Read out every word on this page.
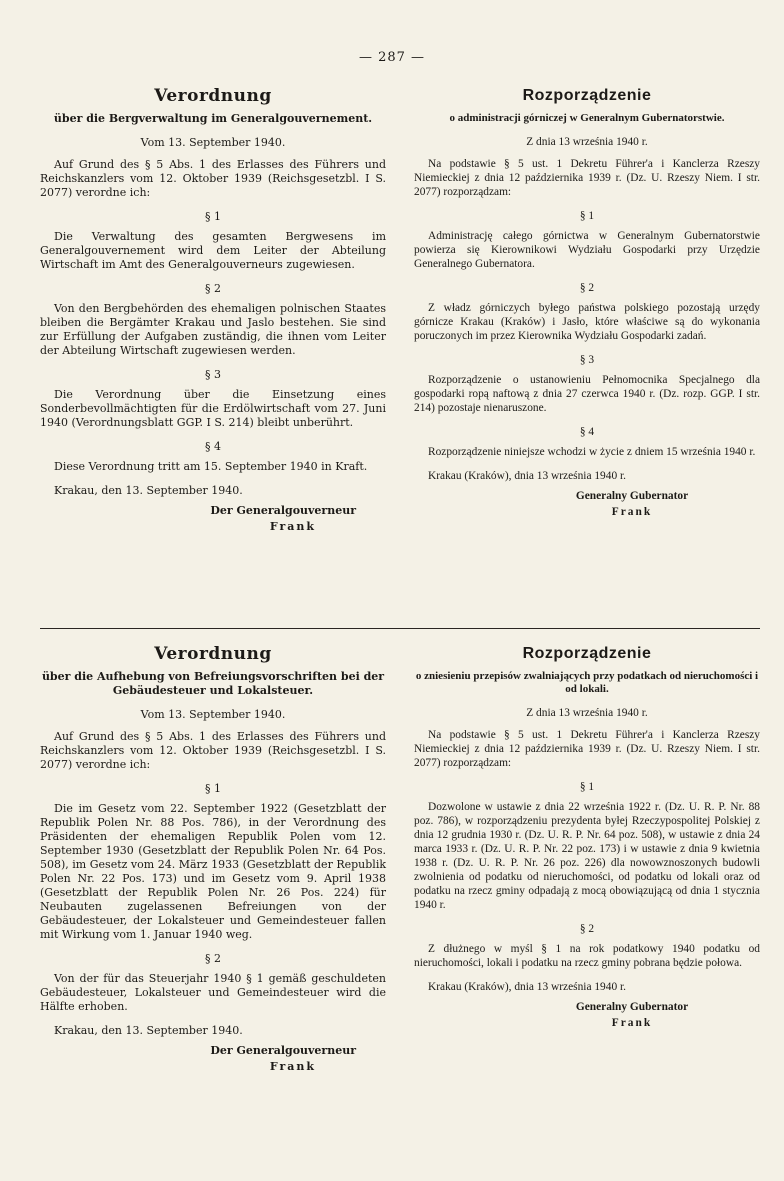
— 287 —

Verordnung

über die Bergverwaltung im Generalgouvernement.

Vom 13. September 1940.

Auf Grund des § 5 Abs. 1 des Erlasses des Führers und Reichskanzlers vom 12. Oktober 1939 (Reichsgesetzbl. I S. 2077) verordne ich:

§ 1

Die Verwaltung des gesamten Bergwesens im Generalgouvernement wird dem Leiter der Abteilung Wirtschaft im Amt des Generalgouverneurs zugewiesen.

§ 2

Von den Bergbehörden des ehemaligen polnischen Staates bleiben die Bergämter Krakau und Jaslo bestehen. Sie sind zur Erfüllung der Aufgaben zuständig, die ihnen vom Leiter der Abteilung Wirtschaft zugewiesen werden.

§ 3

Die Verordnung über die Einsetzung eines Sonderbevollmächtigten für die Erdölwirtschaft vom 27. Juni 1940 (Verordnungsblatt GGP. I S. 214) bleibt unberührt.

§ 4

Diese Verordnung tritt am 15. September 1940 in Kraft.

Krakau, den 13. September 1940.

Der Generalgouverneur

Frank

Rozporządzenie

o administracji górniczej w Generalnym Gubernatorstwie.

Z dnia 13 września 1940 r.

Na podstawie § 5 ust. 1 Dekretu Führer'a i Kanclerza Rzeszy Niemieckiej z dnia 12 października 1939 r. (Dz. U. Rzeszy Niem. I str. 2077) rozporządzam:

§ 1

Administrację całego górnictwa w Generalnym Gubernatorstwie powierza się Kierownikowi Wydziału Gospodarki przy Urzędzie Generalnego Gubernatora.

§ 2

Z władz górniczych byłego państwa polskiego pozostają urzędy górnicze Krakau (Kraków) i Jasło, które właściwe są do wykonania poruczonych im przez Kierownika Wydziału Gospodarki zadań.

§ 3

Rozporządzenie o ustanowieniu Pełnomocnika Specjalnego dla gospodarki ropą naftową z dnia 27 czerwca 1940 r. (Dz. rozp. GGP. I str. 214) pozostaje nienaruszone.

§ 4

Rozporządzenie niniejsze wchodzi w życie z dniem 15 września 1940 r.

Krakau (Kraków), dnia 13 września 1940 r.

Generalny Gubernator

Frank

Verordnung

über die Aufhebung von Befreiungsvorschriften bei der Gebäudesteuer und Lokalsteuer.

Vom 13. September 1940.

Auf Grund des § 5 Abs. 1 des Erlasses des Führers und Reichskanzlers vom 12. Oktober 1939 (Reichsgesetzbl. I S. 2077) verordne ich:

§ 1

Die im Gesetz vom 22. September 1922 (Gesetzblatt der Republik Polen Nr. 88 Pos. 786), in der Verordnung des Präsidenten der ehemaligen Republik Polen vom 12. September 1930 (Gesetzblatt der Republik Polen Nr. 64 Pos. 508), im Gesetz vom 24. März 1933 (Gesetzblatt der Republik Polen Nr. 22 Pos. 173) und im Gesetz vom 9. April 1938 (Gesetzblatt der Republik Polen Nr. 26 Pos. 224) für Neubauten zugelassenen Befreiungen von der Gebäudesteuer, der Lokalsteuer und Gemeindesteuer fallen mit Wirkung vom 1. Januar 1940 weg.

§ 2

Von der für das Steuerjahr 1940 § 1 gemäß geschuldeten Gebäudesteuer, Lokalsteuer und Gemeindesteuer wird die Hälfte erhoben.

Krakau, den 13. September 1940.

Der Generalgouverneur

Frank

Rozporządzenie

o zniesieniu przepisów zwalniających przy podatkach od nieruchomości i od lokali.

Z dnia 13 września 1940 r.

Na podstawie § 5 ust. 1 Dekretu Führer'a i Kanclerza Rzeszy Niemieckiej z dnia 12 października 1939 r. (Dz. U. Rzeszy Niem. I str. 2077) rozporządzam:

§ 1

Dozwolone w ustawie z dnia 22 września 1922 r. (Dz. U. R. P. Nr. 88 poz. 786), w rozporządzeniu prezydenta byłej Rzeczypospolitej Polskiej z dnia 12 grudnia 1930 r. (Dz. U. R. P. Nr. 64 poz. 508), w ustawie z dnia 24 marca 1933 r. (Dz. U. R. P. Nr. 22 poz. 173) i w ustawie z dnia 9 kwietnia 1938 r. (Dz. U. R. P. Nr. 26 poz. 226) dla nowowznoszonych budowli zwolnienia od podatku od nieruchomości, od podatku od lokali oraz od podatku na rzecz gminy odpadają z mocą obowiązującą od dnia 1 stycznia 1940 r.

§ 2

Z dłużnego w myśl § 1 na rok podatkowy 1940 podatku od nieruchomości, lokali i podatku na rzecz gminy pobrana będzie połowa.

Krakau (Kraków), dnia 13 września 1940 r.

Generalny Gubernator

Frank
